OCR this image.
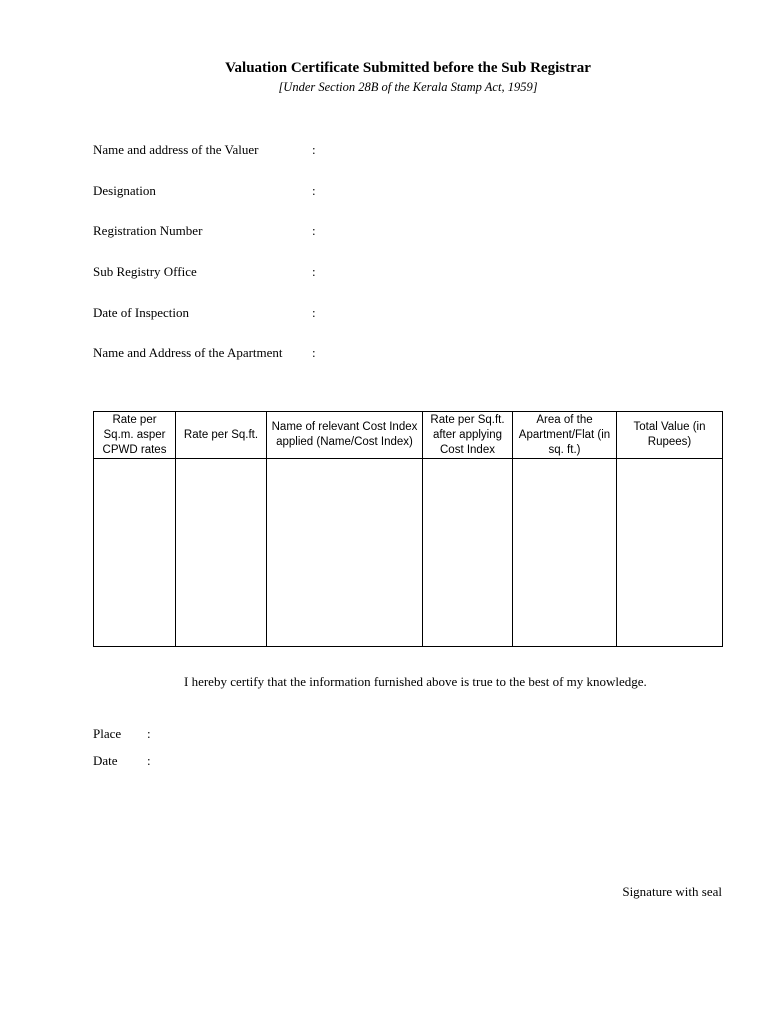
Valuation Certificate Submitted before the Sub Registrar
[Under Section 28B of the Kerala Stamp Act, 1959]
Name and address of the Valuer	:
Designation	:
Registration Number	:
Sub Registry Office	:
Date of Inspection	:
Name and Address of the Apartment :
Rate per Sq.m. asper CPWD rates	Rate per Sq.ft.	Name of relevant Cost Index applied (Name/Cost Index)	Rate per Sq.ft. after applying Cost Index	Area of the Apartment/Flat (in sq. ft.)	Total Value (in Rupees)

I hereby certify that the information furnished above is true to the best of my knowledge.
Place :
Date :
Signature with seal
